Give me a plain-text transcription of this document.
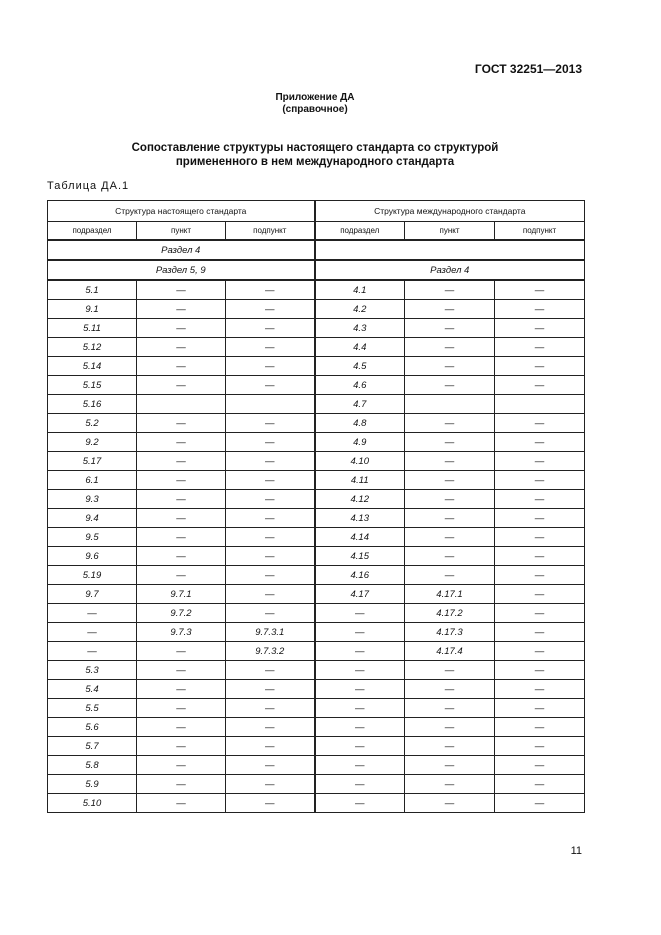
ГОСТ 32251—2013
Приложение ДА
(справочное)
Сопоставление структуры настоящего стандарта со структурой
примененного в нем международного стандарта
Таблица ДА.1
Структура настоящего стандарта			Структура международного стандарта		
подраздел	пункт	подпункт	подраздел	пункт	подпункт
Раздел 4					
Раздел 5, 9			Раздел 4		
5.1	—	—	4.1	—	—
9.1	—	—	4.2	—	—
5.11	—	—	4.3	—	—
5.12	—	—	4.4	—	—
5.14	—	—	4.5	—	—
5.15	—	—	4.6	—	—
5.16			4.7		
5.2	—	—	4.8	—	—
9.2	—	—	4.9	—	—
5.17	—	—	4.10	—	—
6.1	—	—	4.11	—	—
9.3	—	—	4.12	—	—
9.4	—	—	4.13	—	—
9.5	—	—	4.14	—	—
9.6	—	—	4.15	—	—
5.19	—	—	4.16	—	—
9.7	9.7.1	—	4.17	4.17.1	—
—	9.7.2	—	—	4.17.2	—
—	9.7.3	9.7.3.1	—	4.17.3	—
—	—	9.7.3.2	—	4.17.4	—
5.3	—	—	—	—	—
5.4	—	—	—	—	—
5.5	—	—	—	—	—
5.6	—	—	—	—	—
5.7	—	—	—	—	—
5.8	—	—	—	—	—
5.9	—	—	—	—	—
5.10	—	—	—	—	—
11
